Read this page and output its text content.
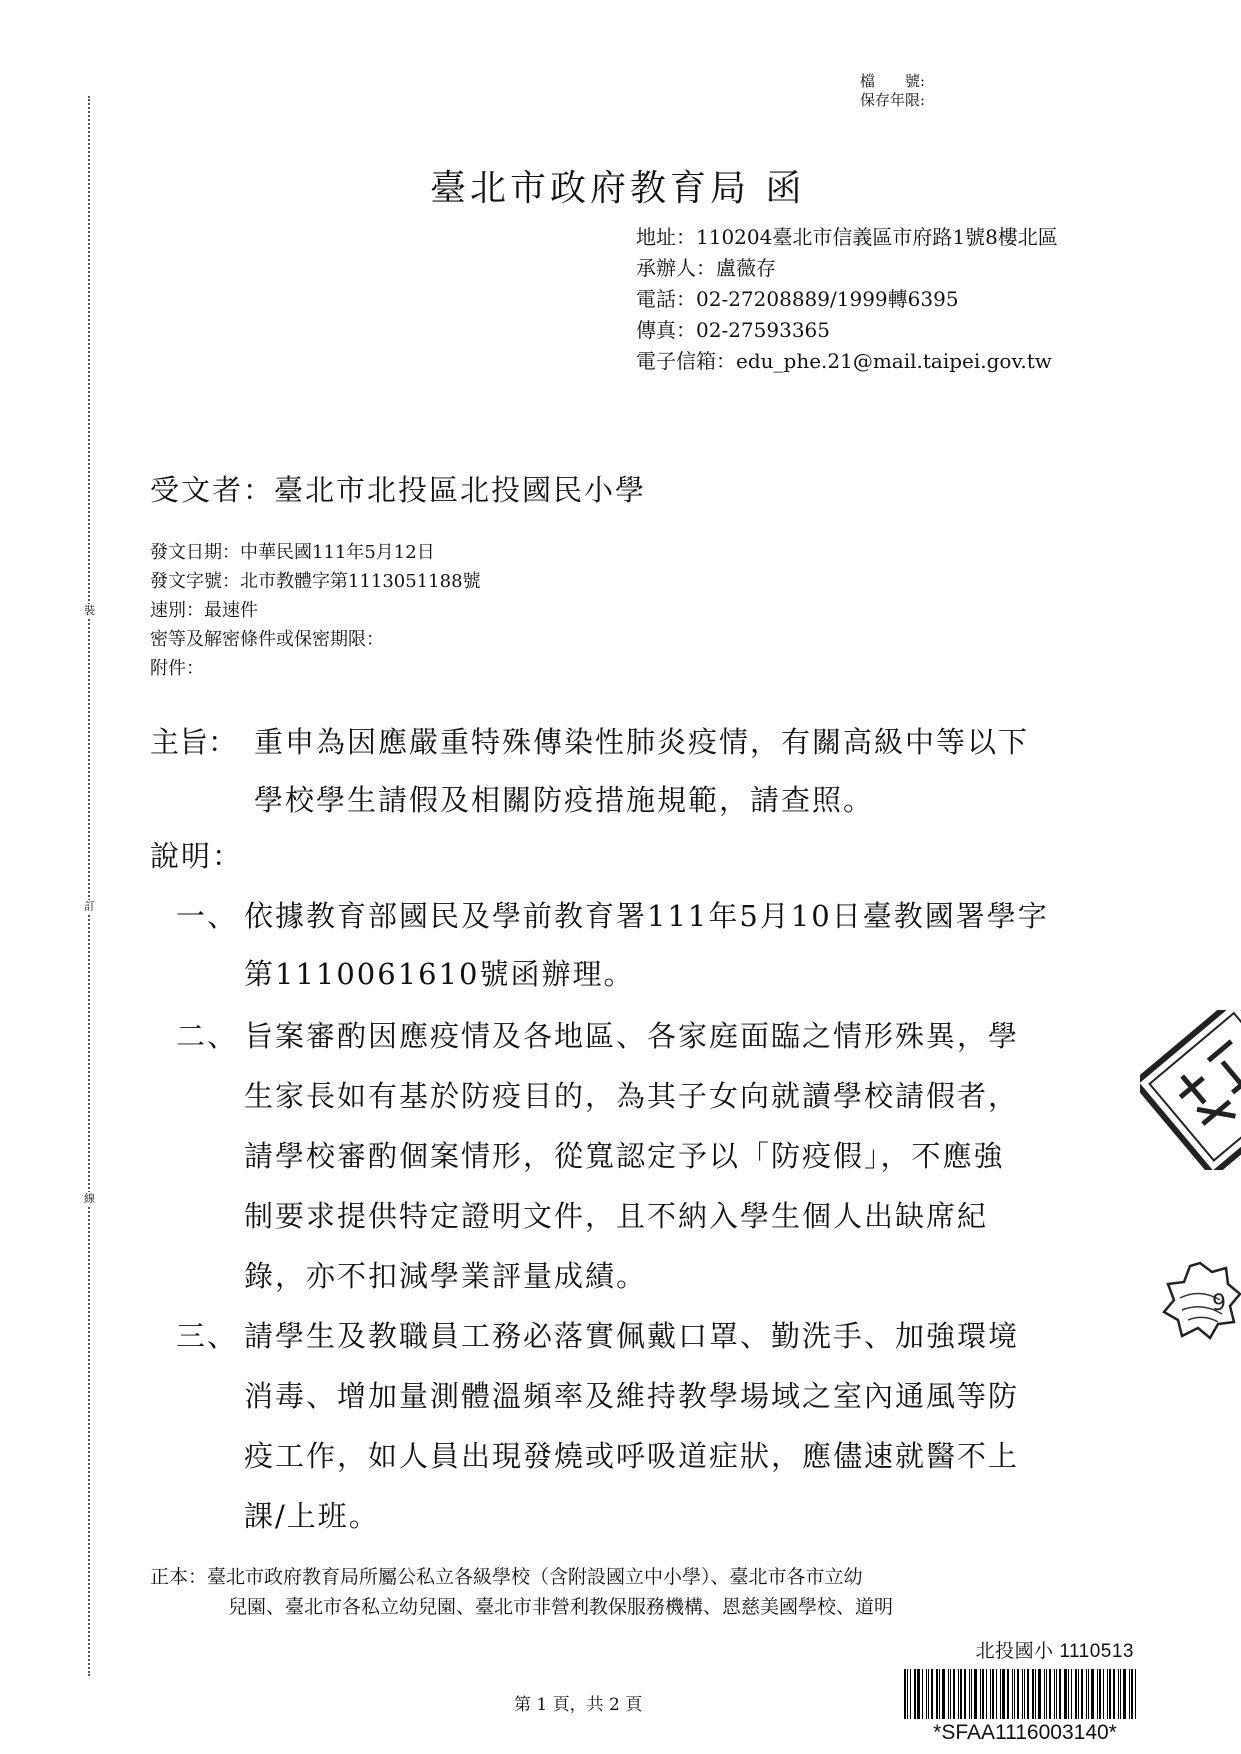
裝
訂
線
檔　　號:
保存年限:
臺北市政府教育局 函
地址：110204臺北市信義區市府路1號8樓北區
承辦人：盧薇存
電話：02-27208889/1999轉6395
傳真：02-27593365
電子信箱：edu_phe.21@mail.taipei.gov.tw
受文者：臺北市北投區北投國民小學
發文日期：中華民國111年5月12日
發文字號：北市教體字第1113051188號
速別：最速件
密等及解密條件或保密期限：
附件：
主旨： 重申為因應嚴重特殊傳染性肺炎疫情，有關高級中等以下
學校學生請假及相關防疫措施規範，請查照。
說明：
一、 依據教育部國民及學前教育署111年5月10日臺教國署學字
第1110061610號函辦理。
二、 旨案審酌因應疫情及各地區、各家庭面臨之情形殊異，學
生家長如有基於防疫目的，為其子女向就讀學校請假者，
請學校審酌個案情形，從寬認定予以「防疫假」，不應強
制要求提供特定證明文件，且不納入學生個人出缺席紀
錄，亦不扣減學業評量成績。
三、 請學生及教職員工務必落實佩戴口罩、勤洗手、加強環境
消毒、增加量測體溫頻率及維持教學場域之室內通風等防
疫工作，如人員出現發燒或呼吸道症狀，應儘速就醫不上
課/上班。
正本：臺北市政府教育局所屬公私立各級學校（含附設國立中小學）、臺北市各市立幼
兒園、臺北市各私立幼兒園、臺北市非營利教保服務機構、恩慈美國學校、道明
第 1 頁，共 2 頁
北投國小 1110513
*SFAA1116003140*
9
